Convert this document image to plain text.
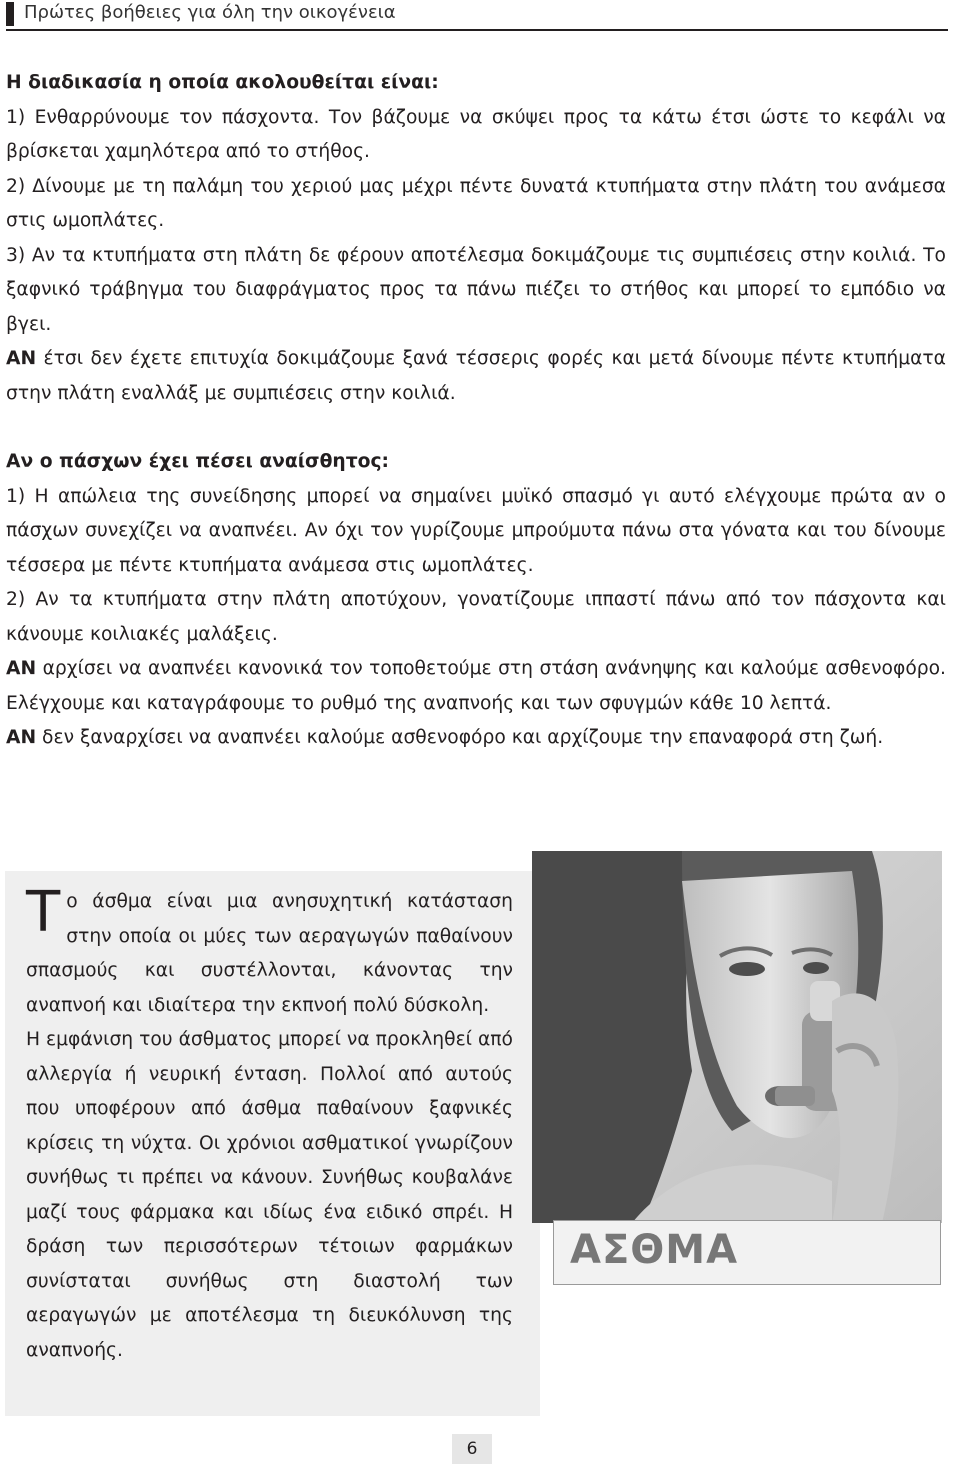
Πρώτες βοήθειες για όλη την οικογένεια

Η διαδικασία η οποία ακολουθείται είναι:

1) Ενθαρρύνουμε τον πάσχοντα. Τον βάζουμε να σκύψει προς τα κάτω έτσι ώστε το κεφάλι να βρίσκεται χαμηλότερα από το στήθος.

2) Δίνουμε με τη παλάμη του χεριού μας μέχρι πέντε δυνατά κτυπήματα στην πλάτη του ανάμεσα στις ωμοπλάτες.

3) Αν τα κτυπήματα στη πλάτη δε φέρουν αποτέλεσμα δοκιμάζουμε τις συμπιέσεις στην κοιλιά. Το ξαφνικό τράβηγμα του διαφράγματος προς τα πάνω πιέζει το στήθος και μπορεί το εμπόδιο να βγει.

ΑΝ έτσι δεν έχετε επιτυχία δοκιμάζουμε ξανά τέσσερις φορές και μετά δίνουμε πέντε κτυπήματα στην πλάτη εναλλάξ με συμπιέσεις στην κοιλιά.

Αν ο πάσχων έχει πέσει αναίσθητος:

1) Η απώλεια της συνείδησης μπορεί να σημαίνει μυϊκό σπασμό γι αυτό ελέγχουμε πρώτα αν ο πάσχων συνεχίζει να αναπνέει. Αν όχι τον γυρίζουμε μπρούμυτα πάνω στα γόνατα και του δίνουμε τέσσερα με πέντε κτυπήματα ανάμεσα στις ωμοπλάτες.

2) Αν τα κτυπήματα στην πλάτη αποτύχουν, γονατίζουμε ιππαστί πάνω από τον πάσχοντα και κάνουμε κοιλιακές μαλάξεις.

ΑΝ αρχίσει να αναπνέει κανονικά τον τοποθετούμε στη στάση ανάνηψης και καλούμε ασθενοφόρο. Ελέγχουμε και καταγράφουμε το ρυθμό της αναπνοής και των σφυγμών κάθε 10 λεπτά.

ΑΝ δεν ξαναρχίσει να αναπνέει καλούμε ασθενοφόρο και αρχίζουμε την επαναφορά στη ζωή.

Το άσθμα είναι μια ανησυχητική κατάσταση στην οποία οι μύες των αεραγωγών παθαίνουν σπασμούς και συστέλλονται, κάνοντας την αναπνοή και ιδιαίτερα την εκπνοή πολύ δύσκολη.

Η εμφάνιση του άσθματος μπορεί να προκληθεί από αλλεργία ή νευρική ένταση. Πολλοί από αυτούς που υποφέρουν από άσθμα παθαίνουν ξαφνικές κρίσεις τη νύχτα. Οι χρόνιοι ασθματικοί γνωρίζουν συνήθως τι πρέπει να κάνουν. Συνήθως κουβαλάνε μαζί τους φάρμακα και ιδίως ένα ειδικό σπρέι. Η δράση των περισσότερων τέτοιων φαρμάκων συνίσταται συνήθως στη διαστολή των αεραγωγών με αποτέλεσμα τη διευκόλυνση της αναπνοής.

ΑΣΘΜΑ
6
